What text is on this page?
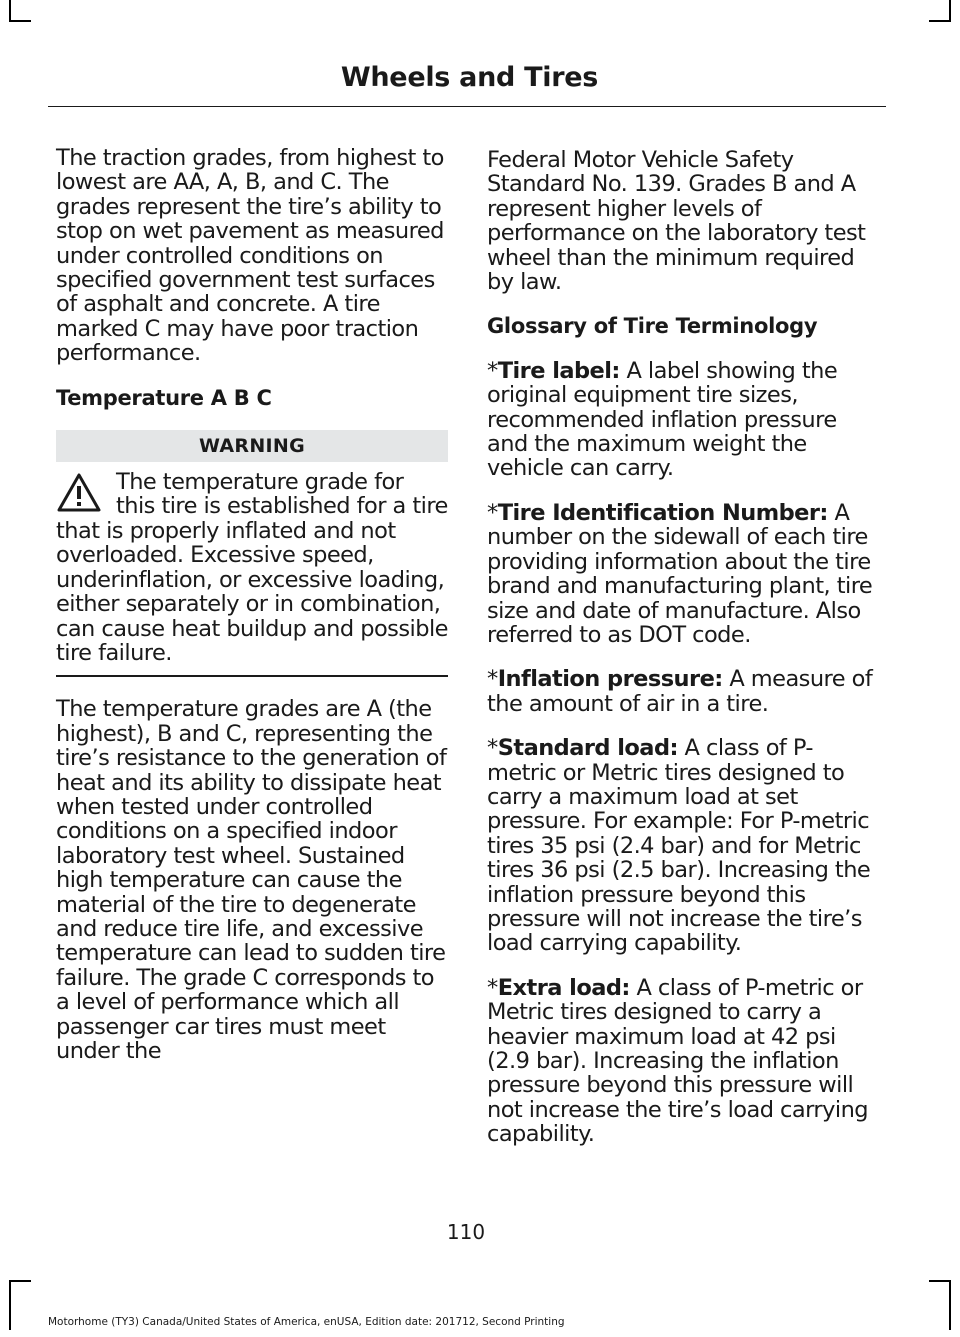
Wheels and Tires

The traction grades, from highest to lowest are AA, A, B, and C. The grades represent the tire’s ability to stop on wet pavement as measured under controlled conditions on specified government test surfaces of asphalt and concrete. A tire marked C may have poor traction performance.

Temperature A B C
WARNING
The temperature grade for this tire is established for a tire that is properly inflated and not overloaded. Excessive speed, underinflation, or excessive loading, either separately or in combination, can cause heat buildup and possible tire failure.

The temperature grades are A (the highest), B and C, representing the tire’s resistance to the generation of heat and its ability to dissipate heat when tested under controlled conditions on a specified indoor laboratory test wheel. Sustained high temperature can cause the material of the tire to degenerate and reduce tire life, and excessive temperature can lead to sudden tire failure. The grade C corresponds to a level of performance which all passenger car tires must meet under the

Federal Motor Vehicle Safety Standard No. 139. Grades B and A represent higher levels of performance on the laboratory test wheel than the minimum required by law.

Glossary of Tire Terminology

*Tire label: A label showing the original equipment tire sizes, recommended inflation pressure and the maximum weight the vehicle can carry.

*Tire Identification Number: A number on the sidewall of each tire providing information about the tire brand and manufacturing plant, tire size and date of manufacture. Also referred to as DOT code.

*Inflation pressure: A measure of the amount of air in a tire.

*Standard load: A class of P-metric or Metric tires designed to carry a maximum load at set pressure. For example: For P-metric tires 35 psi (2.4 bar) and for Metric tires 36 psi (2.5 bar). Increasing the inflation pressure beyond this pressure will not increase the tire’s load carrying capability.

*Extra load: A class of P-metric or Metric tires designed to carry a heavier maximum load at 42 psi (2.9 bar). Increasing the inflation pressure beyond this pressure will not increase the tire’s load carrying capability.

110
Motorhome (TY3) Canada/United States of America, enUSA, Edition date: 201712, Second Printing
